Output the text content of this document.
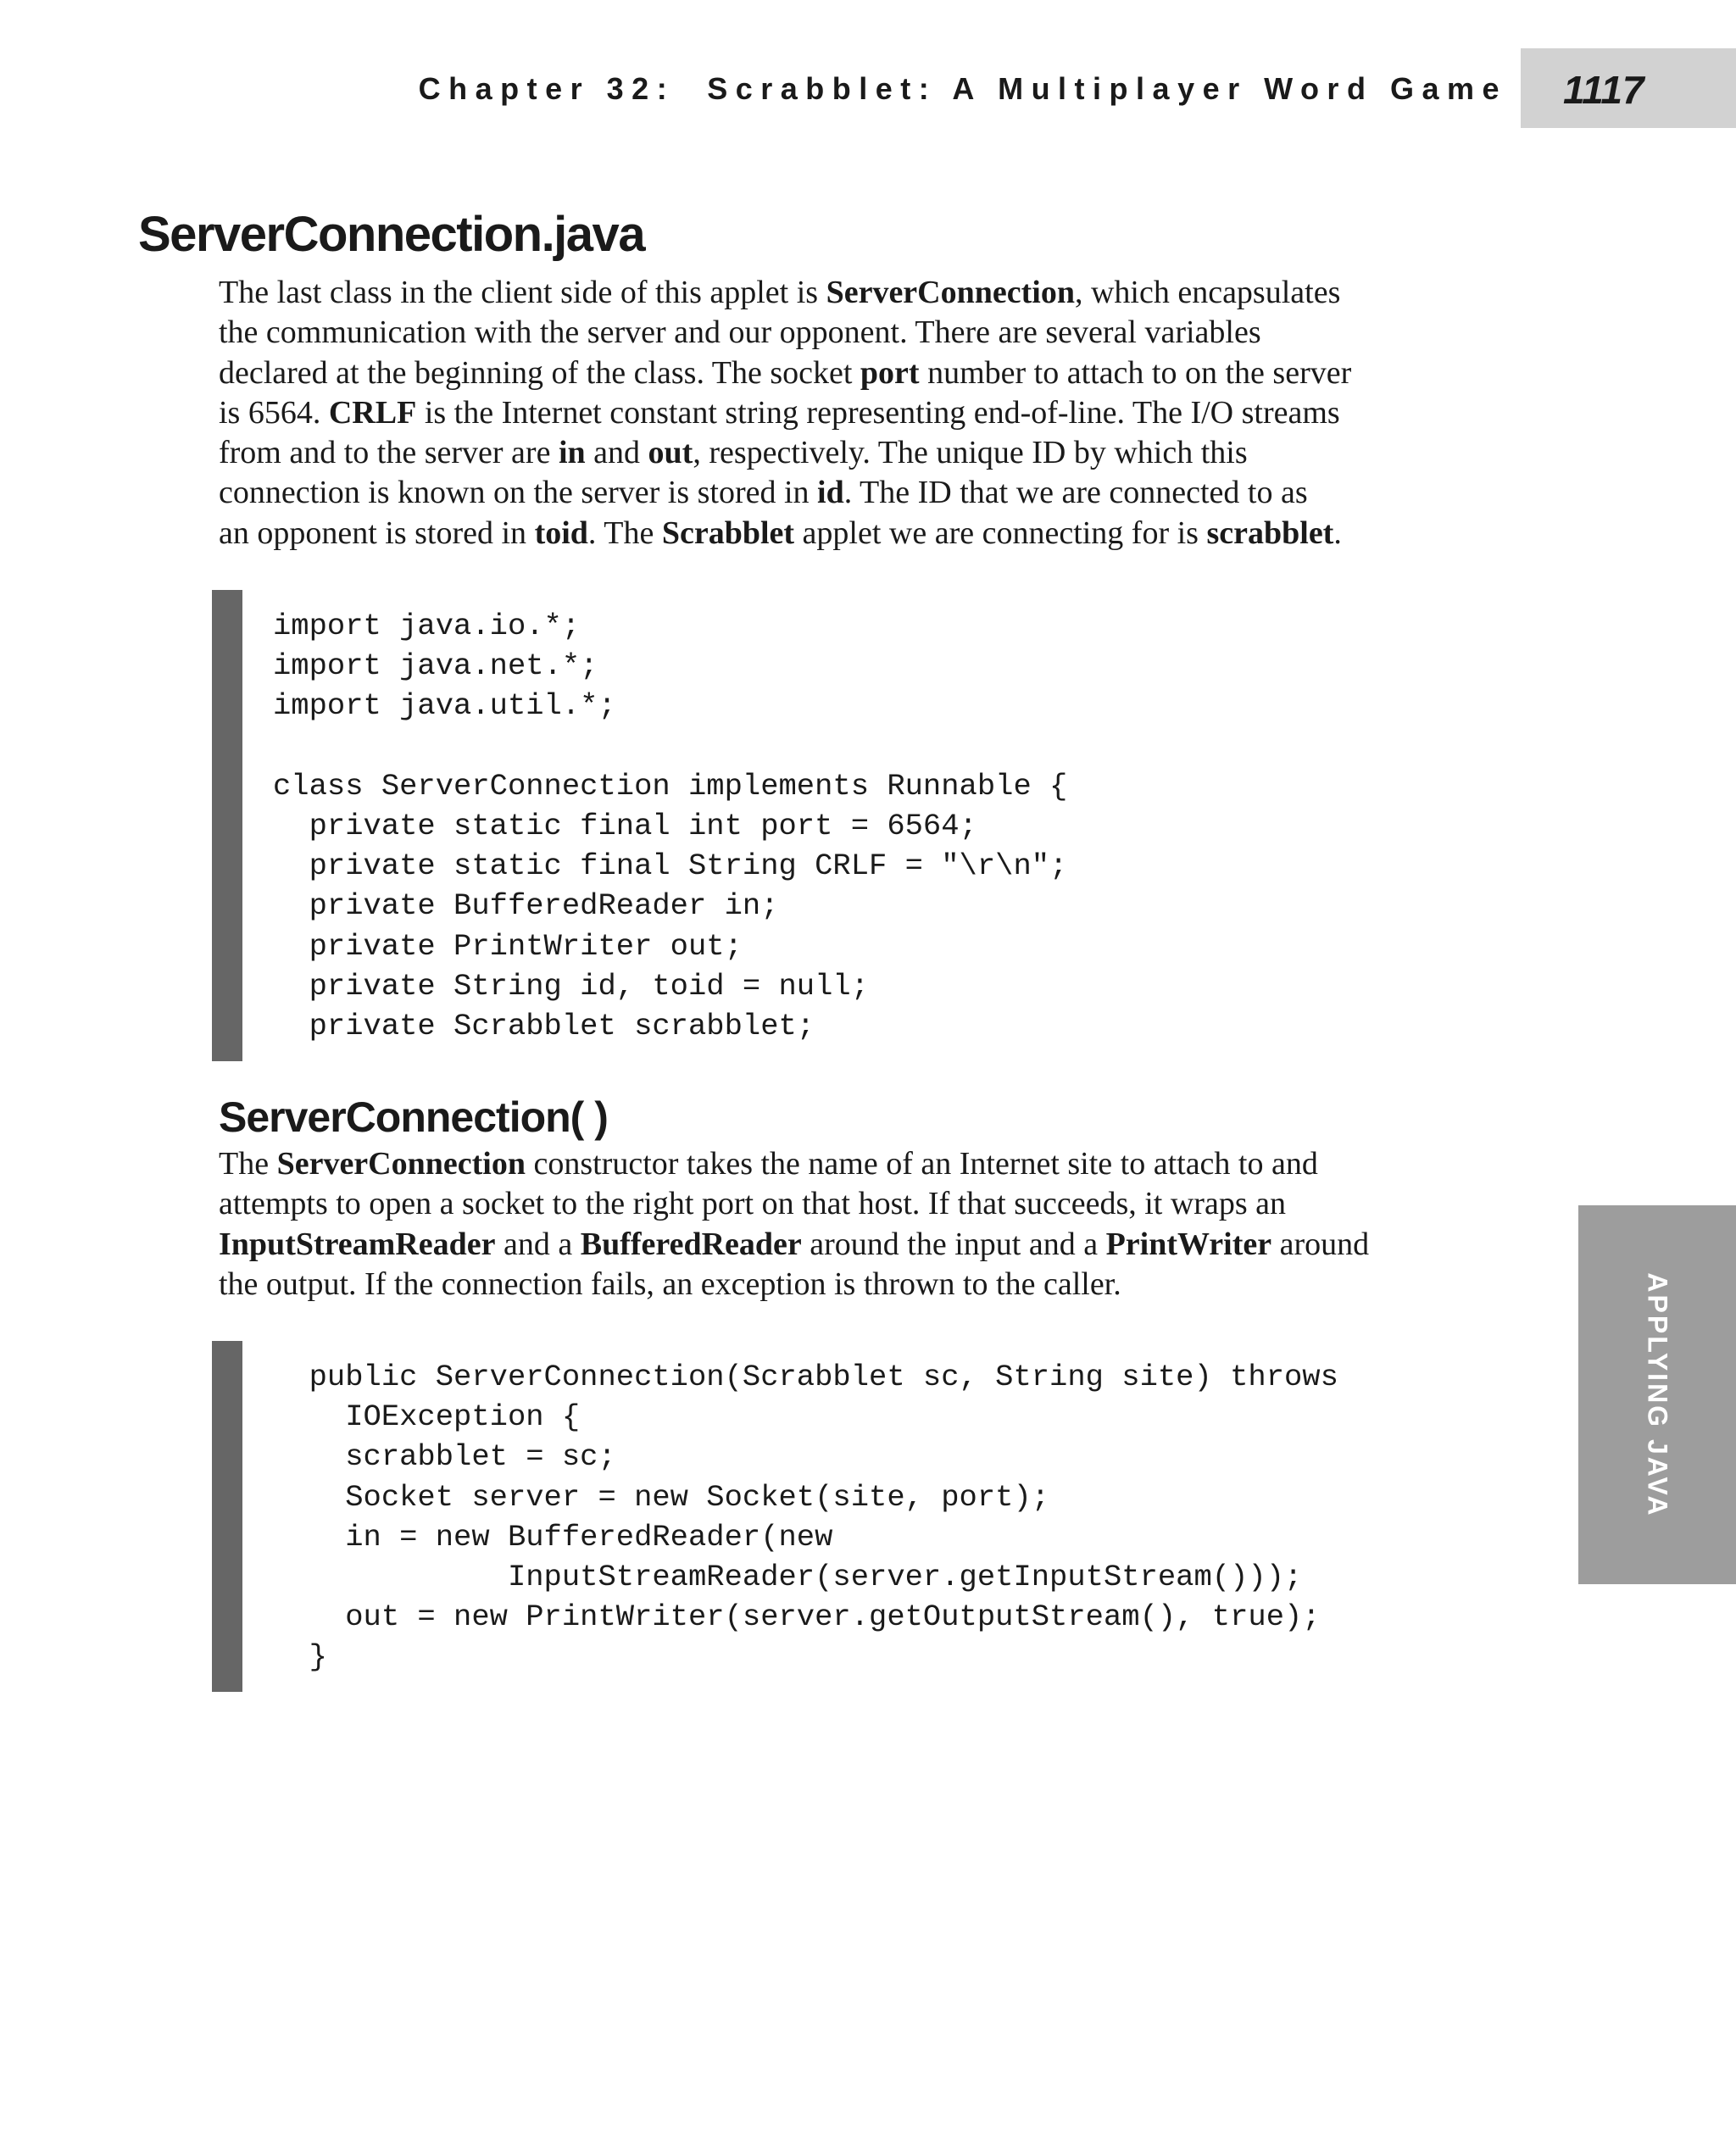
Chapter 32: Scrabblet: A Multiplayer Word Game 1117
APPLYING JAVA
ServerConnection.java

The last class in the client side of this applet is ServerConnection, which encapsulates
the communication with the server and our opponent. There are several variables
declared at the beginning of the class. The socket port number to attach to on the server
is 6564. CRLF is the Internet constant string representing end-of-line. The I/O streams
from and to the server are in and out, respectively. The unique ID by which this
connection is known on the server is stored in id. The ID that we are connected to as
an opponent is stored in toid. The Scrabblet applet we are connecting for is scrabblet.

import java.io.*;
import java.net.*;
import java.util.*;

class ServerConnection implements Runnable {
private static final int port = 6564;
private static final String CRLF = "\r\n";
private BufferedReader in;
private PrintWriter out;
private String id, toid = null;
private Scrabblet scrabblet;
ServerConnection( )

The ServerConnection constructor takes the name of an Internet site to attach to and
attempts to open a socket to the right port on that host. If that succeeds, it wraps an
InputStreamReader and a BufferedReader around the input and a PrintWriter around
the output. If the connection fails, an exception is thrown to the caller.

public ServerConnection(Scrabblet sc, String site) throws
IOException {
scrabblet = sc;
Socket server = new Socket(site, port);
in = new BufferedReader(new
InputStreamReader(server.getInputStream()));
out = new PrintWriter(server.getOutputStream(), true);
}
